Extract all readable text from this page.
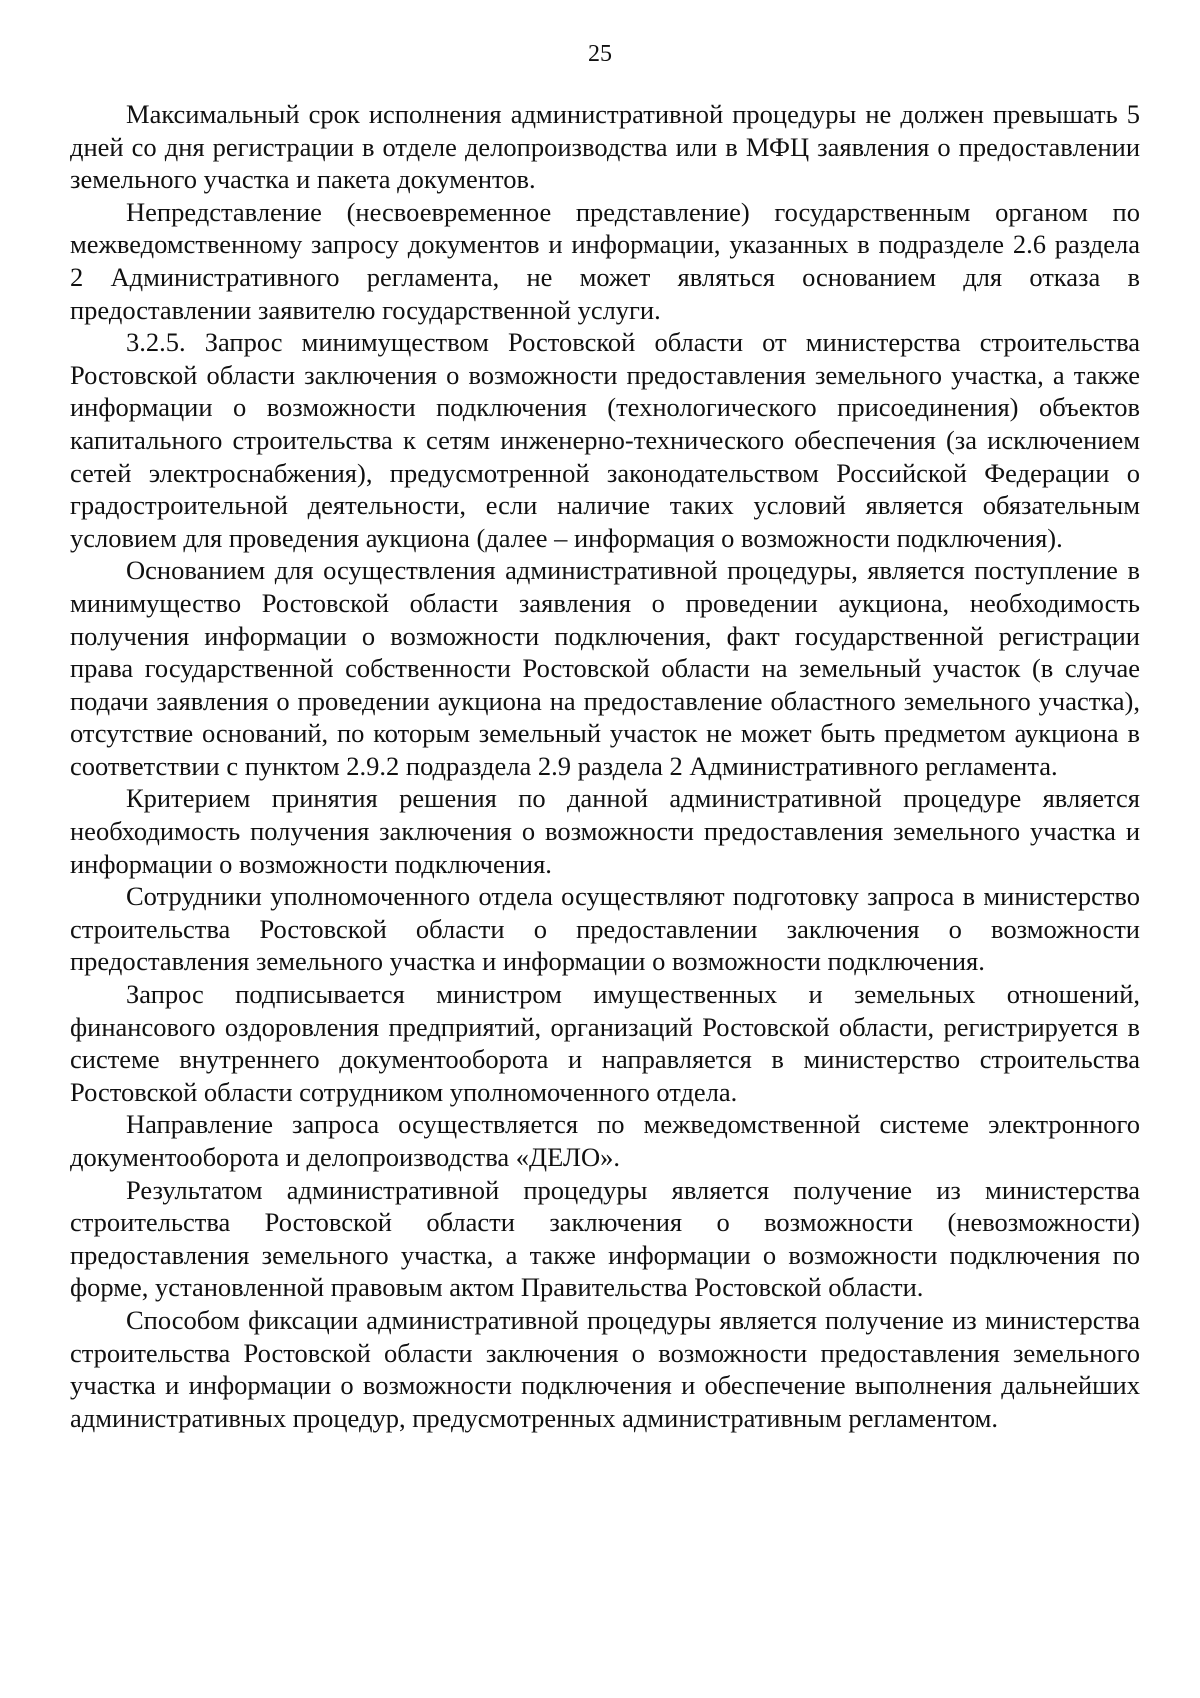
25

Максимальный срок исполнения административной процедуры не должен превышать 5 дней со дня регистрации в отделе делопроизводства или в МФЦ заявления о предоставлении земельного участка и пакета документов.

Непредставление (несвоевременное представление) государственным органом по межведомственному запросу документов и информации, указанных в подразделе 2.6 раздела 2 Административного регламента, не может являться основанием для отказа в предоставлении заявителю государственной услуги.

3.2.5. Запрос минимуществом Ростовской области от министерства строительства Ростовской области заключения о возможности предоставления земельного участка, а также информации о возможности подключения (технологического присоединения) объектов капитального строительства к сетям инженерно-технического обеспечения (за исключением сетей электроснабжения), предусмотренной законодательством Российской Федерации о градостроительной деятельности, если наличие таких условий является обязательным условием для проведения аукциона (далее – информация о возможности подключения).

Основанием для осуществления административной процедуры, является поступление в минимущество Ростовской области заявления о проведении аукциона, необходимость получения информации о возможности подключения, факт государственной регистрации права государственной собственности Ростовской области на земельный участок (в случае подачи заявления о проведении аукциона на предоставление областного земельного участка), отсутствие оснований, по которым земельный участок не может быть предметом аукциона в соответствии с пунктом 2.9.2 подраздела 2.9 раздела 2 Административного регламента.

Критерием принятия решения по данной административной процедуре является необходимость получения заключения о возможности предоставления земельного участка и информации о возможности подключения.

Сотрудники уполномоченного отдела осуществляют подготовку запроса в министерство строительства Ростовской области о предоставлении заключения о возможности предоставления земельного участка и информации о возможности подключения.

Запрос подписывается министром имущественных и земельных отношений, финансового оздоровления предприятий, организаций Ростовской области, регистрируется в системе внутреннего документооборота и направляется в министерство строительства Ростовской области сотрудником уполномоченного отдела.

Направление запроса осуществляется по межведомственной системе электронного документооборота и делопроизводства «ДЕЛО».

Результатом административной процедуры является получение из министерства строительства Ростовской области заключения о возможности (невозможности) предоставления земельного участка, а также информации о возможности подключения по форме, установленной правовым актом Правительства Ростовской области.

Способом фиксации административной процедуры является получение из министерства строительства Ростовской области заключения о возможности предоставления земельного участка и информации о возможности подключения и обеспечение выполнения дальнейших административных процедур, предусмотренных административным регламентом.
